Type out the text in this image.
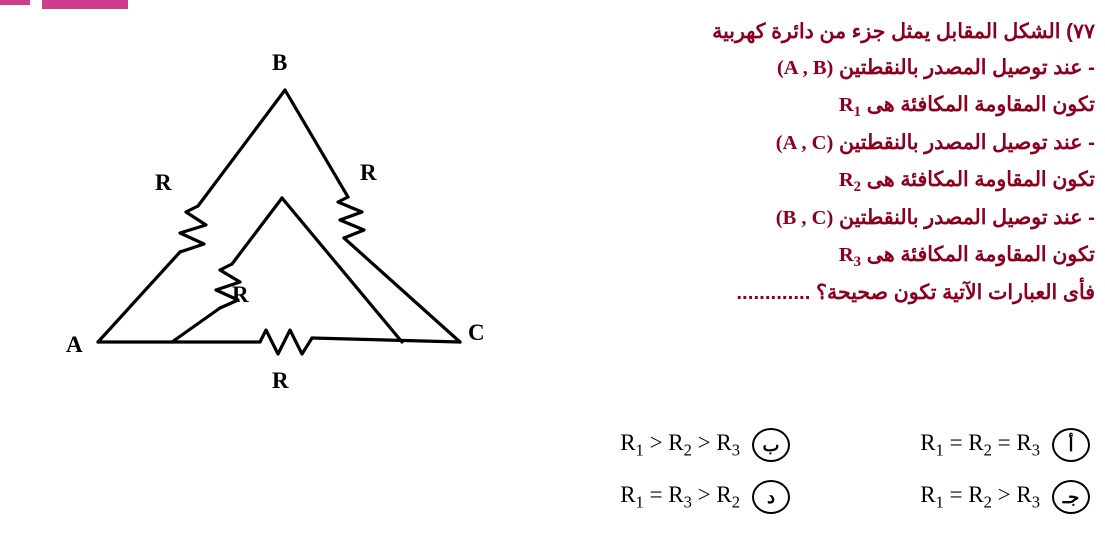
B
A	C
R	R
R
R
٧٧) الشكل المقابل يمثل جزء من دائرة كهربية
- عند توصيل المصدر بالنقطتين (A , B)
تكون المقاومة المكافئة هى $R_1$
- عند توصيل المصدر بالنقطتين (A , C)
تكون المقاومة المكافئة هى $R_2$
- عند توصيل المصدر بالنقطتين (B , C)
تكون المقاومة المكافئة هى $R_3$
فأى العبارات الآتية تكون صحيحة؟ .............
أ
$R_1 = R_2 = R_3$
ب
$R_1 > R_2 > R_3$
جـ
$R_1 = R_2 > R_3$
د
$R_1 = R_3 > R_2$
